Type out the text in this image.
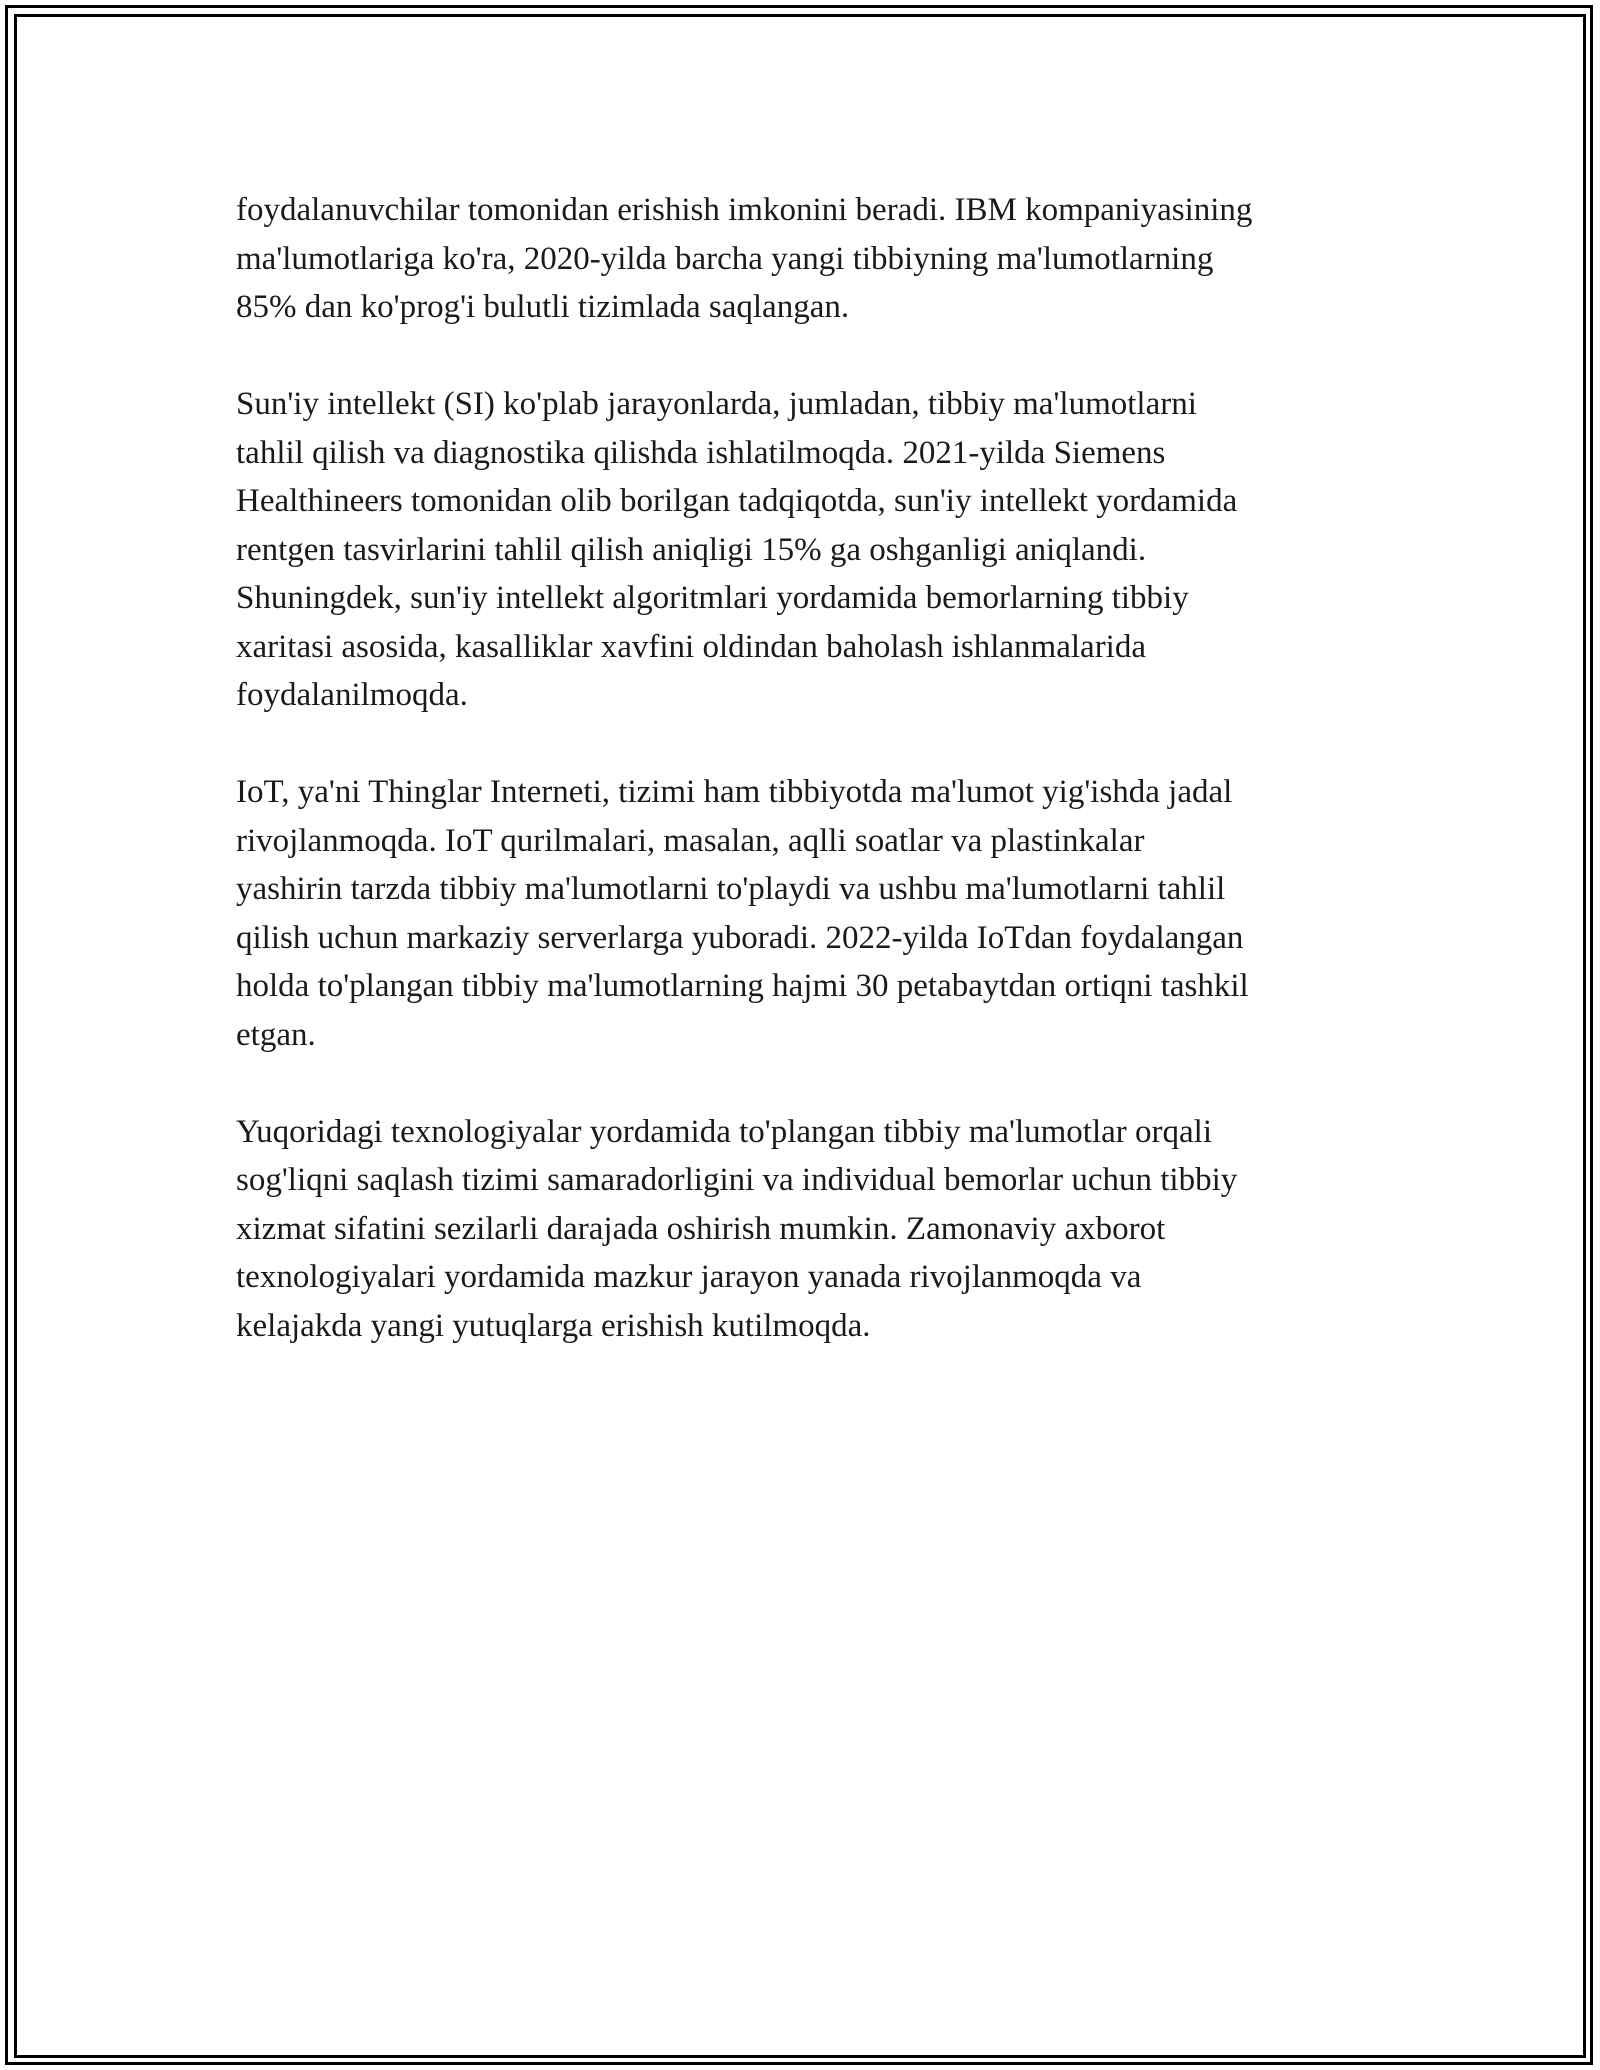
foydalanuvchilar tomonidan erishish imkonini beradi. IBM kompaniyasining
ma'lumotlariga ko'ra, 2020-yilda barcha yangi tibbiyning ma'lumotlarning
85% dan ko'prog'i bulutli tizimlada saqlangan.

Sun'iy intellekt (SI) ko'plab jarayonlarda, jumladan, tibbiy ma'lumotlarni
tahlil qilish va diagnostika qilishda ishlatilmoqda. 2021-yilda Siemens
Healthineers tomonidan olib borilgan tadqiqotda, sun'iy intellekt yordamida
rentgen tasvirlarini tahlil qilish aniqligi 15% ga oshganligi aniqlandi.
Shuningdek, sun'iy intellekt algoritmlari yordamida bemorlarning tibbiy
xaritasi asosida, kasalliklar xavfini oldindan baholash ishlanmalarida
foydalanilmoqda.

IoT, ya'ni Thinglar Interneti, tizimi ham tibbiyotda ma'lumot yig'ishda jadal
rivojlanmoqda. IoT qurilmalari, masalan, aqlli soatlar va plastinkalar
yashirin tarzda tibbiy ma'lumotlarni to'playdi va ushbu ma'lumotlarni tahlil
qilish uchun markaziy serverlarga yuboradi. 2022-yilda IoTdan foydalangan
holda to'plangan tibbiy ma'lumotlarning hajmi 30 petabaytdan ortiqni tashkil
etgan.

Yuqoridagi texnologiyalar yordamida to'plangan tibbiy ma'lumotlar orqali
sog'liqni saqlash tizimi samaradorligini va individual bemorlar uchun tibbiy
xizmat sifatini sezilarli darajada oshirish mumkin. Zamonaviy axborot
texnologiyalari yordamida mazkur jarayon yanada rivojlanmoqda va
kelajakda yangi yutuqlarga erishish kutilmoqda.
